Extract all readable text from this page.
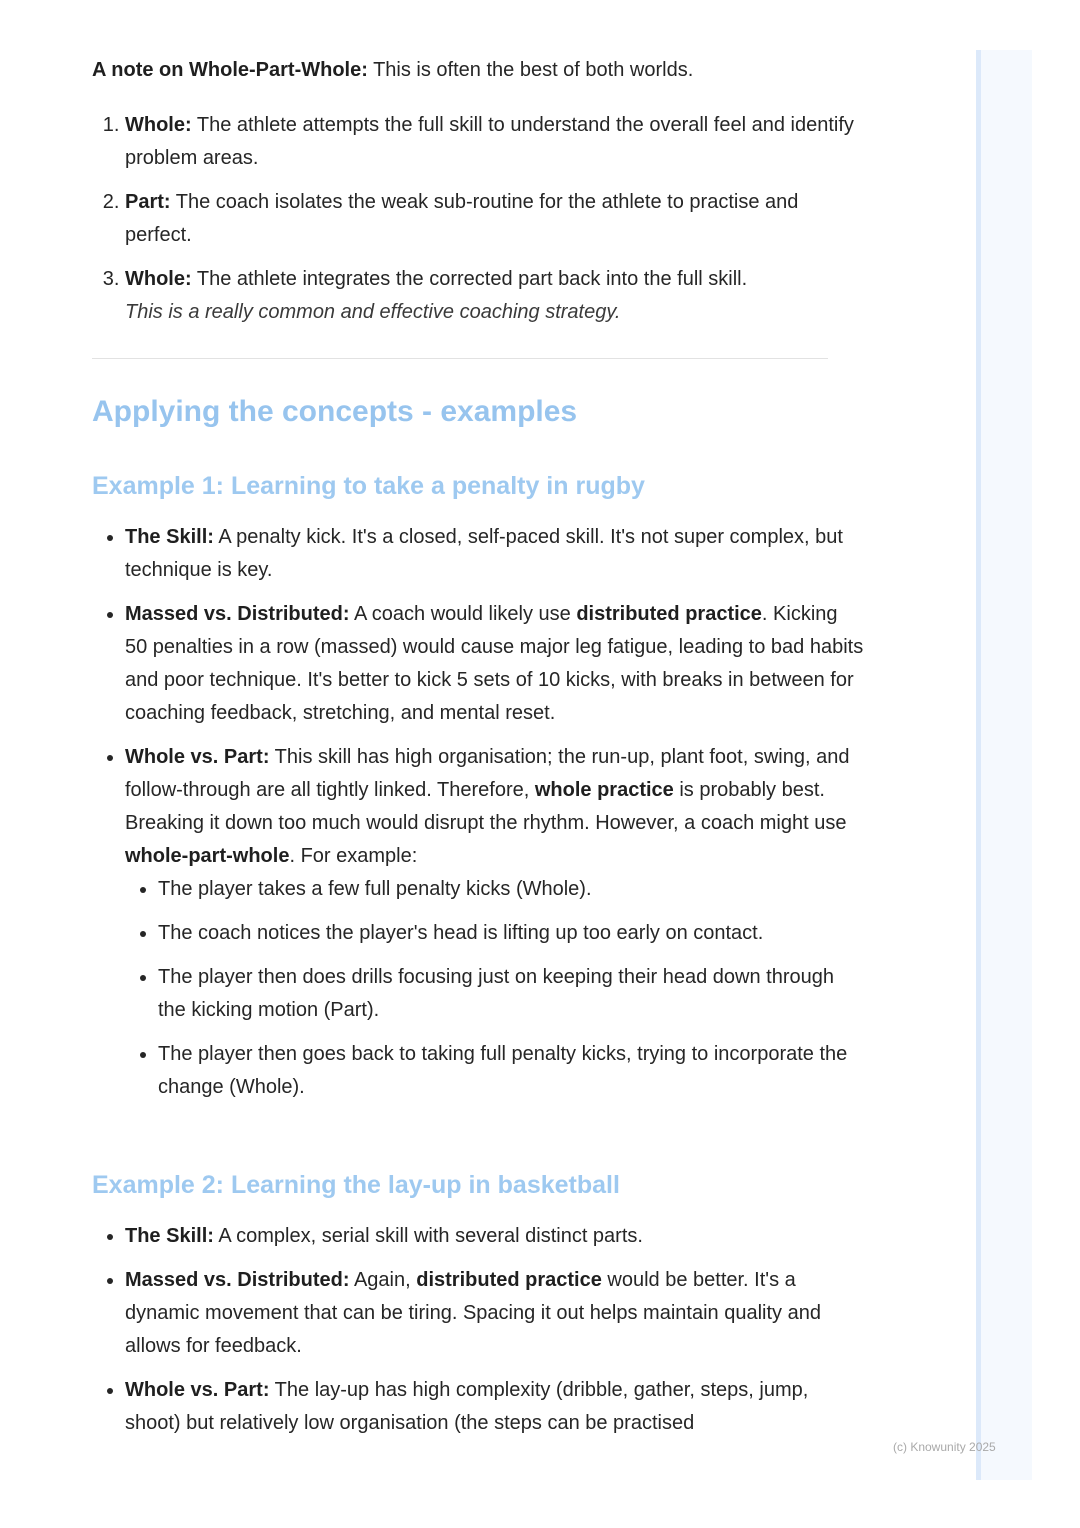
A note on Whole-Part-Whole: This is often the best of both worlds.

1. Whole: The athlete attempts the full skill to understand the overall feel and identify problem areas.
2. Part: The coach isolates the weak sub-routine for the athlete to practise and perfect.
3. Whole: The athlete integrates the corrected part back into the full skill.
This is a really common and effective coaching strategy.
Applying the concepts - examples
Example 1: Learning to take a penalty in rugby
• The Skill: A penalty kick. It's a closed, self-paced skill. It's not super complex, but technique is key.
• Massed vs. Distributed: A coach would likely use distributed practice. Kicking 50 penalties in a row (massed) would cause major leg fatigue, leading to bad habits and poor technique. It's better to kick 5 sets of 10 kicks, with breaks in between for coaching feedback, stretching, and mental reset.
• Whole vs. Part: This skill has high organisation; the run-up, plant foot, swing, and follow-through are all tightly linked. Therefore, whole practice is probably best. Breaking it down too much would disrupt the rhythm. However, a coach might use whole-part-whole. For example:
• The player takes a few full penalty kicks (Whole).
• The coach notices the player's head is lifting up too early on contact.
• The player then does drills focusing just on keeping their head down through the kicking motion (Part).
• The player then goes back to taking full penalty kicks, trying to incorporate the change (Whole).
Example 2: Learning the lay-up in basketball
• The Skill: A complex, serial skill with several distinct parts.
• Massed vs. Distributed: Again, distributed practice would be better. It's a dynamic movement that can be tiring. Spacing it out helps maintain quality and allows for feedback.
• Whole vs. Part: The lay-up has high complexity (dribble, gather, steps, jump, shoot) but relatively low organisation (the steps can be practised
(c) Knowunity 2025
